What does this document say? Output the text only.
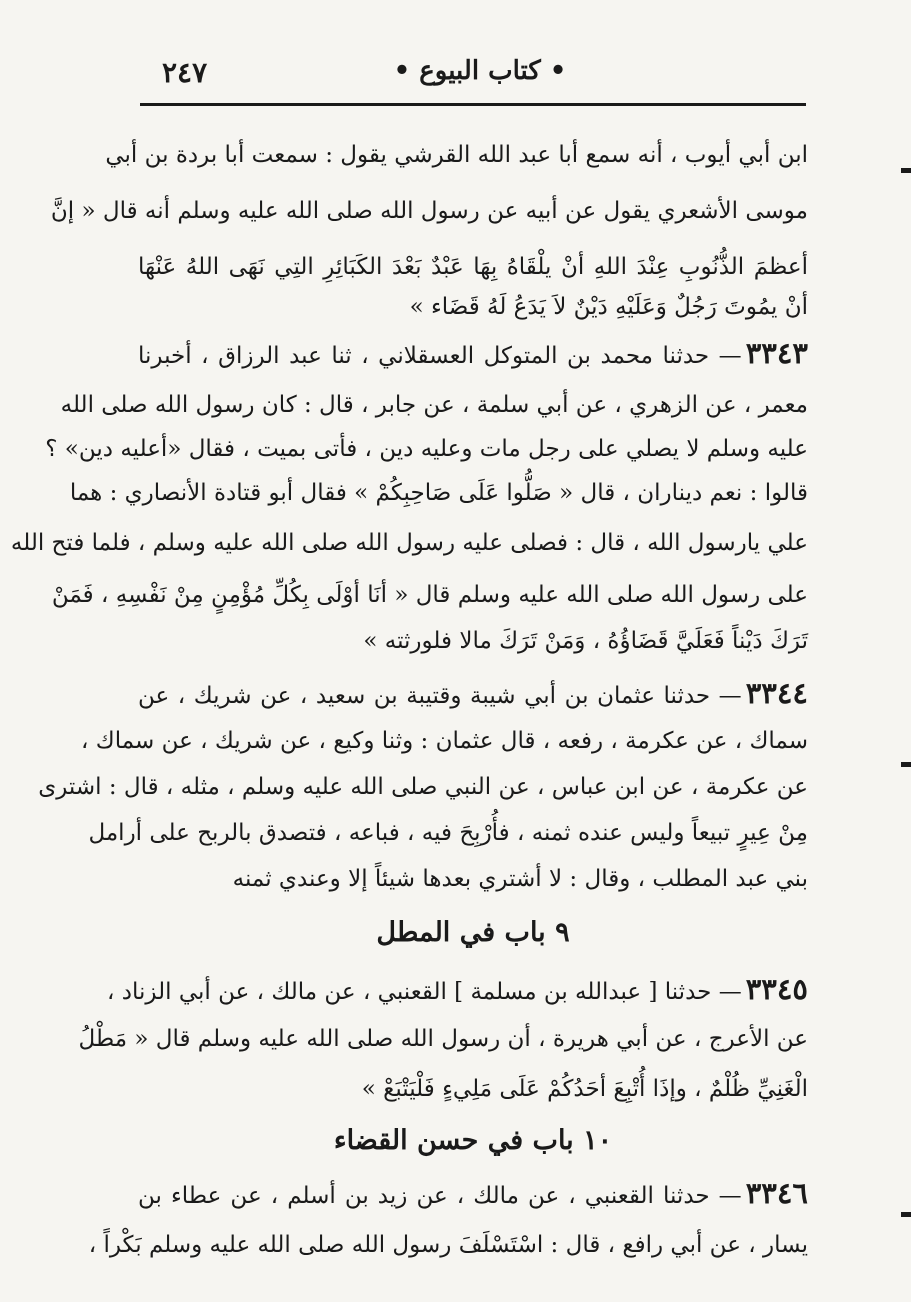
٢٤٧	• كتاب البيوع •
ابن أبي أيوب ، أنه سمع أبا عبد الله القرشي يقول : سمعت أبا بردة بن أبي
موسى الأشعري يقول عن أبيه عن رسول الله صلى الله عليه وسلم أنه قال « إنَّ
أعظمَ الذُّنُوبِ عِنْدَ اللهِ أنْ يلْقَاهُ بِهَا عَبْدٌ بَعْدَ الكَبَائِرِ التِي نَهَى اللهُ عَنْهَا
أنْ يمُوتَ رَجُلٌ وَعَلَيْهِ دَيْنٌ لاَ يَدَعُ لَهُ قَضَاء »
٣٣٤٣— حدثنا محمد بن المتوكل العسقلاني ، ثنا عبد الرزاق ، أخبرنا
معمر ، عن الزهري ، عن أبي سلمة ، عن جابر ، قال : كان رسول الله صلى الله
عليه وسلم لا يصلي على رجل مات وعليه دين ، فأتى بميت ، فقال «أعليه دين» ؟
قالوا : نعم ديناران ، قال « صَلُّوا عَلَى صَاحِبِكُمْ » فقال أبو قتادة الأنصاري : هما
علي يارسول الله ، قال : فصلى عليه رسول الله صلى الله عليه وسلم ، فلما فتح الله
على رسول الله صلى الله عليه وسلم قال « أنَا أوْلَى بِكُلِّ مُؤْمِنٍ مِنْ نَفْسِهِ ، فَمَنْ
تَرَكَ دَيْناً فَعَلَيَّ قَضَاؤُهُ ، وَمَنْ تَرَكَ مالا فلورثته »
٣٣٤٤— حدثنا عثمان بن أبي شيبة وقتيبة بن سعيد ، عن شريك ، عن
سماك ، عن عكرمة ، رفعه ، قال عثمان : وثنا وكيع ، عن شريك ، عن سماك ،
عن عكرمة ، عن ابن عباس ، عن النبي صلى الله عليه وسلم ، مثله ، قال : اشترى
مِنْ عِيرٍ تبيعاً وليس عنده ثمنه ، فأُرْبِحَ فيه ، فباعه ، فتصدق بالربح على أرامل
بني عبد المطلب ، وقال : لا أشتري بعدها شيئاً إلا وعندي ثمنه
٩ باب في المطل
٣٣٤٥— حدثنا [ عبدالله بن مسلمة ] القعنبي ، عن مالك ، عن أبي الزناد ،
عن الأعرج ، عن أبي هريرة ، أن رسول الله صلى الله عليه وسلم قال « مَطْلُ
الْغَنِيِّ ظُلْمٌ ، وإذَا أُتْبِعَ أحَدُكُمْ عَلَى مَلِيءٍ فَلْيَتْبَعْ »
١٠ باب في حسن القضاء
٣٣٤٦— حدثنا القعنبي ، عن مالك ، عن زيد بن أسلم ، عن عطاء بن
يسار ، عن أبي رافع ، قال : اسْتَسْلَفَ رسول الله صلى الله عليه وسلم بَكْراً ،
